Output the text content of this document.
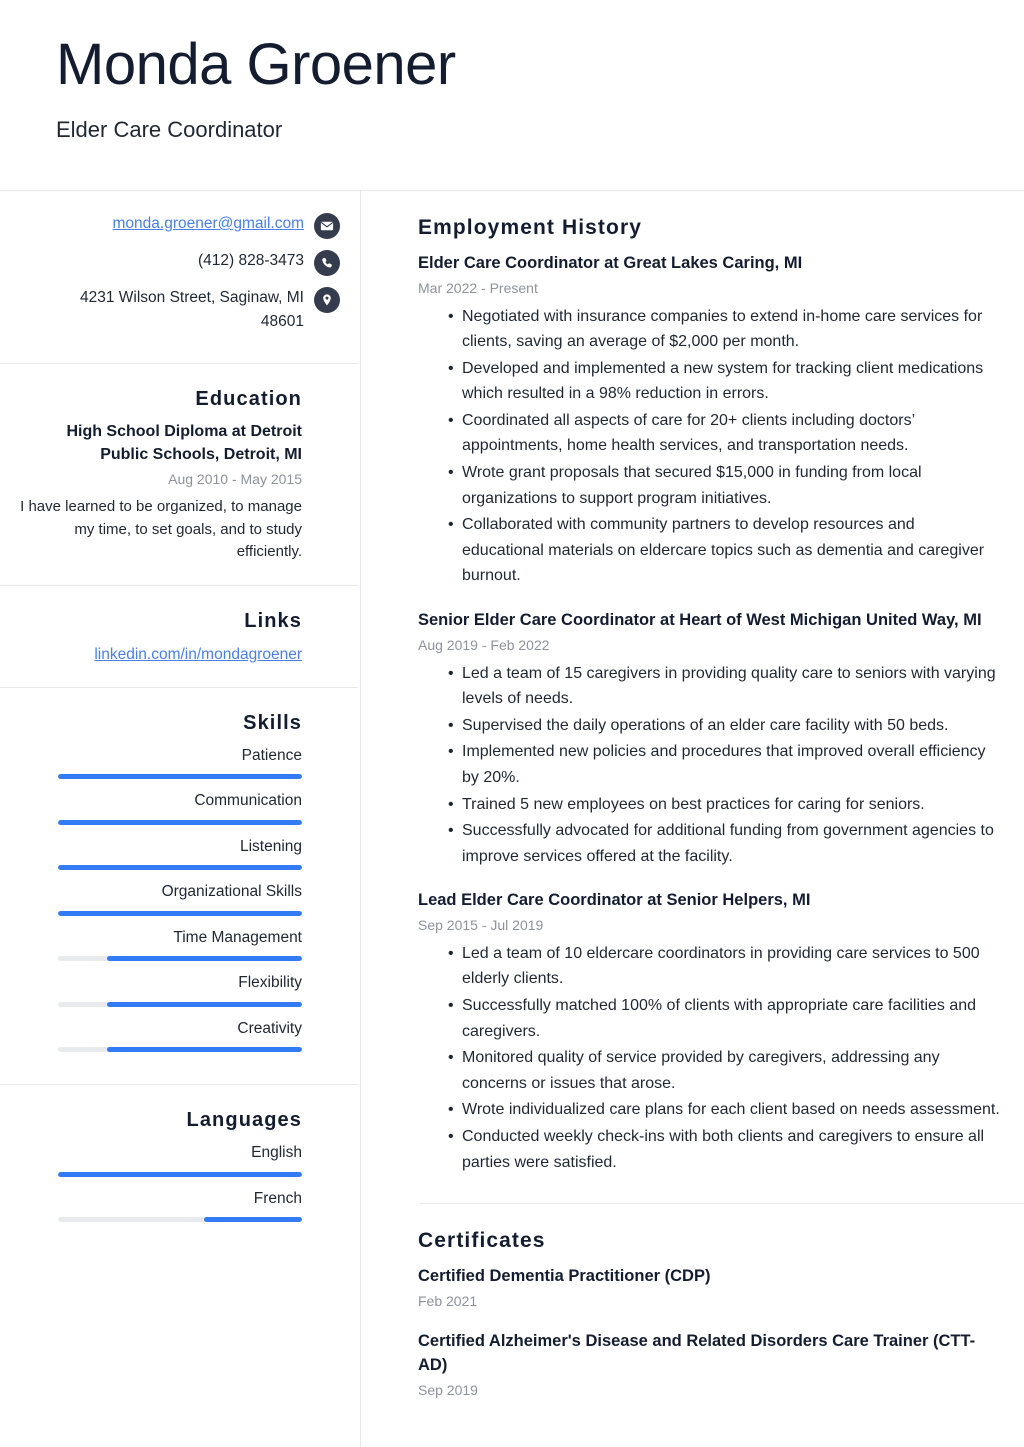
Monda Groener
Elder Care Coordinator
monda.groener@gmail.com
(412) 828-3473
4231 Wilson Street, Saginaw, MI 48601
Education
High School Diploma at Detroit Public Schools, Detroit, MI
Aug 2010 - May 2015
I have learned to be organized, to manage my time, to set goals, and to study efficiently.
Links
linkedin.com/in/mondagroener
Skills
Patience
Communication
Listening
Organizational Skills
Time Management
Flexibility
Creativity
Languages
English
French
Employment History
Elder Care Coordinator at Great Lakes Caring, MI
Mar 2022 - Present
• Negotiated with insurance companies to extend in-home care services for clients, saving an average of $2,000 per month.
• Developed and implemented a new system for tracking client medications which resulted in a 98% reduction in errors.
• Coordinated all aspects of care for 20+ clients including doctors’ appointments, home health services, and transportation needs.
• Wrote grant proposals that secured $15,000 in funding from local organizations to support program initiatives.
• Collaborated with community partners to develop resources and educational materials on eldercare topics such as dementia and caregiver burnout.
Senior Elder Care Coordinator at Heart of West Michigan United Way, MI
Aug 2019 - Feb 2022
• Led a team of 15 caregivers in providing quality care to seniors with varying levels of needs.
• Supervised the daily operations of an elder care facility with 50 beds.
• Implemented new policies and procedures that improved overall efficiency by 20%.
• Trained 5 new employees on best practices for caring for seniors.
• Successfully advocated for additional funding from government agencies to improve services offered at the facility.
Lead Elder Care Coordinator at Senior Helpers, MI
Sep 2015 - Jul 2019
• Led a team of 10 eldercare coordinators in providing care services to 500 elderly clients.
• Successfully matched 100% of clients with appropriate care facilities and caregivers.
• Monitored quality of service provided by caregivers, addressing any concerns or issues that arose.
• Wrote individualized care plans for each client based on needs assessment.
• Conducted weekly check-ins with both clients and caregivers to ensure all parties were satisfied.
Certificates
Certified Dementia Practitioner (CDP)
Feb 2021
Certified Alzheimer's Disease and Related Disorders Care Trainer (CTT-AD)
Sep 2019
